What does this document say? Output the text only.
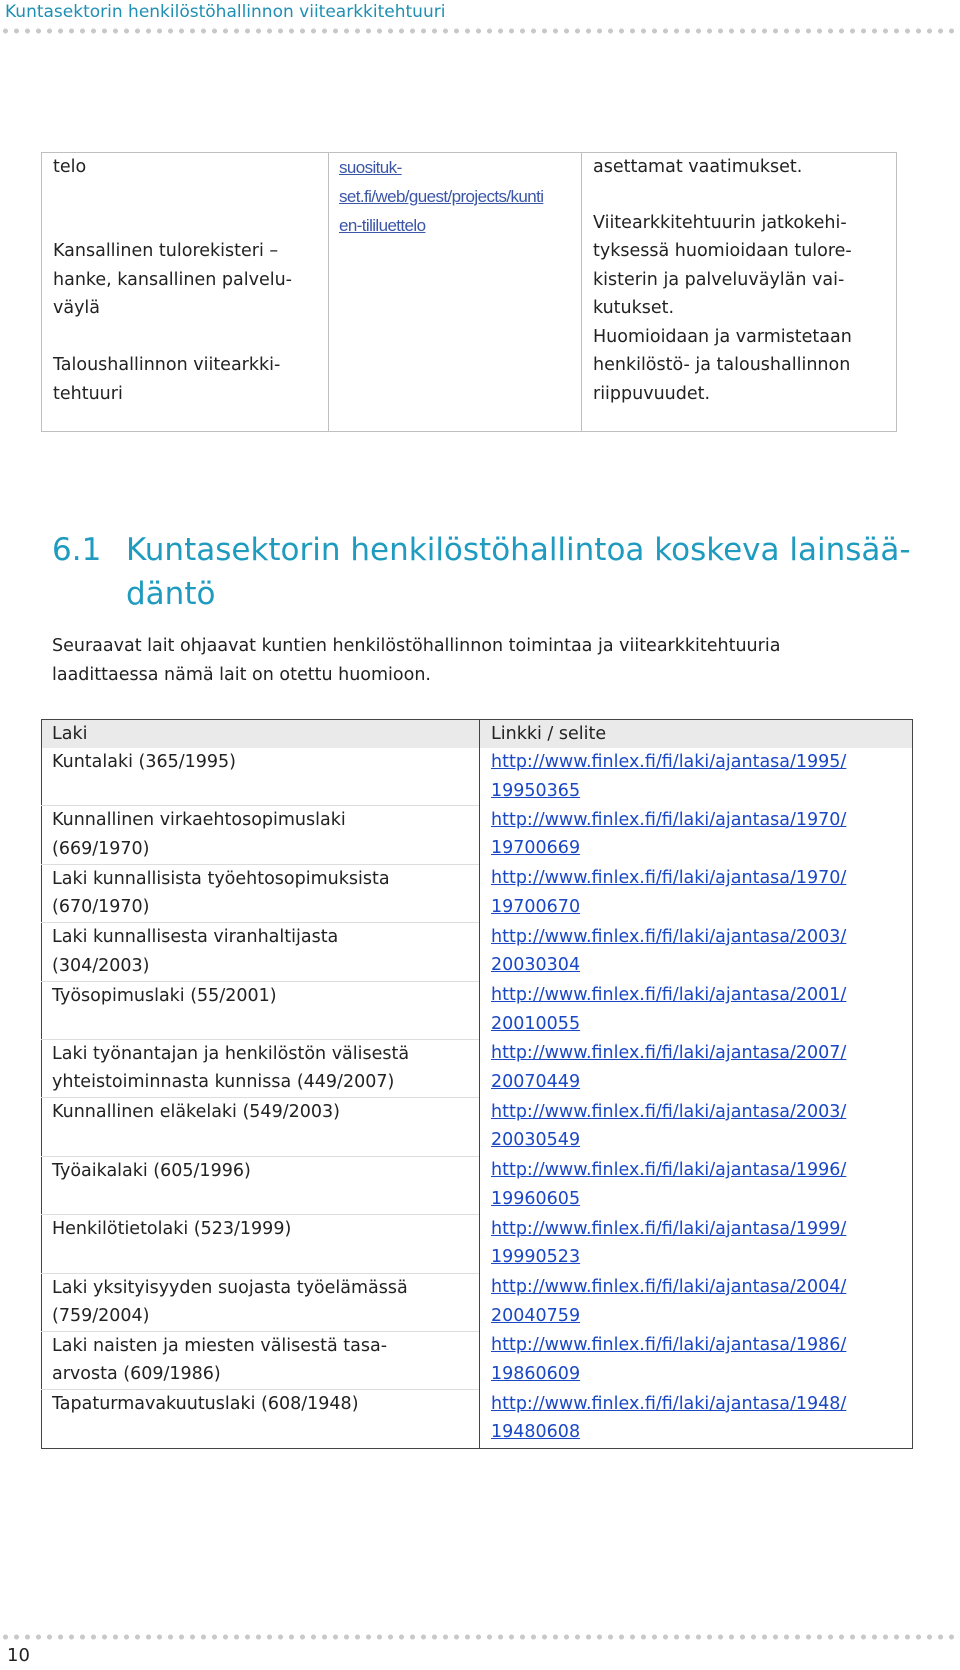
Kuntasektorin henkilöstöhallinnon viitearkkitehtuuri
telo
Kansallinen tulorekisteri –
hanke, kansallinen palvelu-
väylä
Taloushallinnon viitearkki-
tehtuuri

suosituk-
set.fi/web/guest/projects/kunti
en-tililuettelo

asettamat vaatimukset.
Viitearkkitehtuurin jatkokehi-
tyksessä huomioidaan tulore-
kisterin ja palveluväylän vai-
kutukset.
Huomioidaan ja varmistetaan
henkilöstö- ja taloushallinnon
riippuvuudet.
6.1 Kuntasektorin henkilöstöhallintoa koskeva lainsää-
däntö
Seuraavat lait ohjaavat kuntien henkilöstöhallinnon toimintaa ja viitearkkitehtuuria
laadittaessa nämä lait on otettu huomioon.
Laki	Linkki / selite

Kuntalaki (365/1995)	http://www.finlex.fi/fi/laki/ajantasa/1995/
19950365

Kunnallinen virkaehtosopimuslaki
(669/1970)	http://www.finlex.fi/fi/laki/ajantasa/1970/
19700669

Laki kunnallisista työehtosopimuksista
(670/1970)	http://www.finlex.fi/fi/laki/ajantasa/1970/
19700670

Laki kunnallisesta viranhaltijasta
(304/2003)	http://www.finlex.fi/fi/laki/ajantasa/2003/
20030304

Työsopimuslaki (55/2001)	http://www.finlex.fi/fi/laki/ajantasa/2001/
20010055

Laki työnantajan ja henkilöstön välisestä
yhteistoiminnasta kunnissa (449/2007)	http://www.finlex.fi/fi/laki/ajantasa/2007/
20070449

Kunnallinen eläkelaki (549/2003)	http://www.finlex.fi/fi/laki/ajantasa/2003/
20030549

Työaikalaki (605/1996)	http://www.finlex.fi/fi/laki/ajantasa/1996/
19960605

Henkilötietolaki (523/1999)	http://www.finlex.fi/fi/laki/ajantasa/1999/
19990523

Laki yksityisyyden suojasta työelämässä
(759/2004)	http://www.finlex.fi/fi/laki/ajantasa/2004/
20040759

Laki naisten ja miesten välisestä tasa-
arvosta (609/1986)	http://www.finlex.fi/fi/laki/ajantasa/1986/
19860609

Tapaturmavakuutuslaki (608/1948)	http://www.finlex.fi/fi/laki/ajantasa/1948/
19480608
10
